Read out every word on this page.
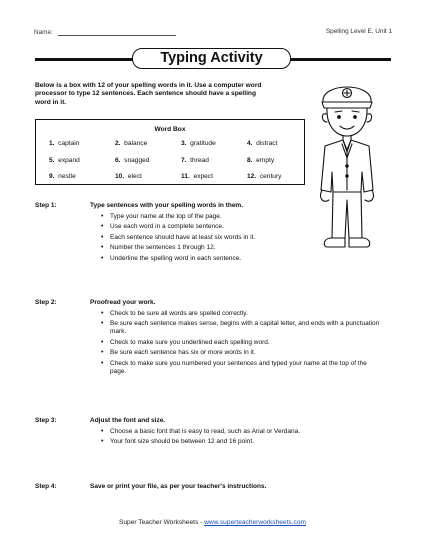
Name:	Spelling Level E, Unit 1
Typing Activity
Below is a box with 12 of your spelling words in it. Use a computer word processor to type 12 sentences. Each sentence should have a spelling word in it.
Word Box
1. captain	2. balance	3. gratitude	4. distract
5. expand	6. snagged	7. thread	8. empty
9. nestle	10. elect	11. expect	12. century
Step 1:	Type sentences with your spelling words in them.
• Type your name at the top of the page.
• Use each word in a complete sentence.
• Each sentence should have at least six words in it.
• Number the sentences 1 through 12.
• Underline the spelling word in each sentence.
Step 2:	Proofread your work.
• Check to be sure all words are spelled correctly.
• Be sure each sentence makes sense, begins with a capital letter, and ends with a punctuation mark.
• Check to make sure you underlined each spelling word.
• Be sure each sentence has six or more words in it.
• Check to make sure you numbered your sentences and typed your name at the top of the page.
Step 3:	Adjust the font and size.
• Choose a basic font that is easy to read, such as Arial or Verdana.
• Your font size should be between 12 and 16 point.
Step 4:	Save or print your file, as per your teacher's instructions.
Super Teacher Worksheets - www.superteacherworksheets.com
